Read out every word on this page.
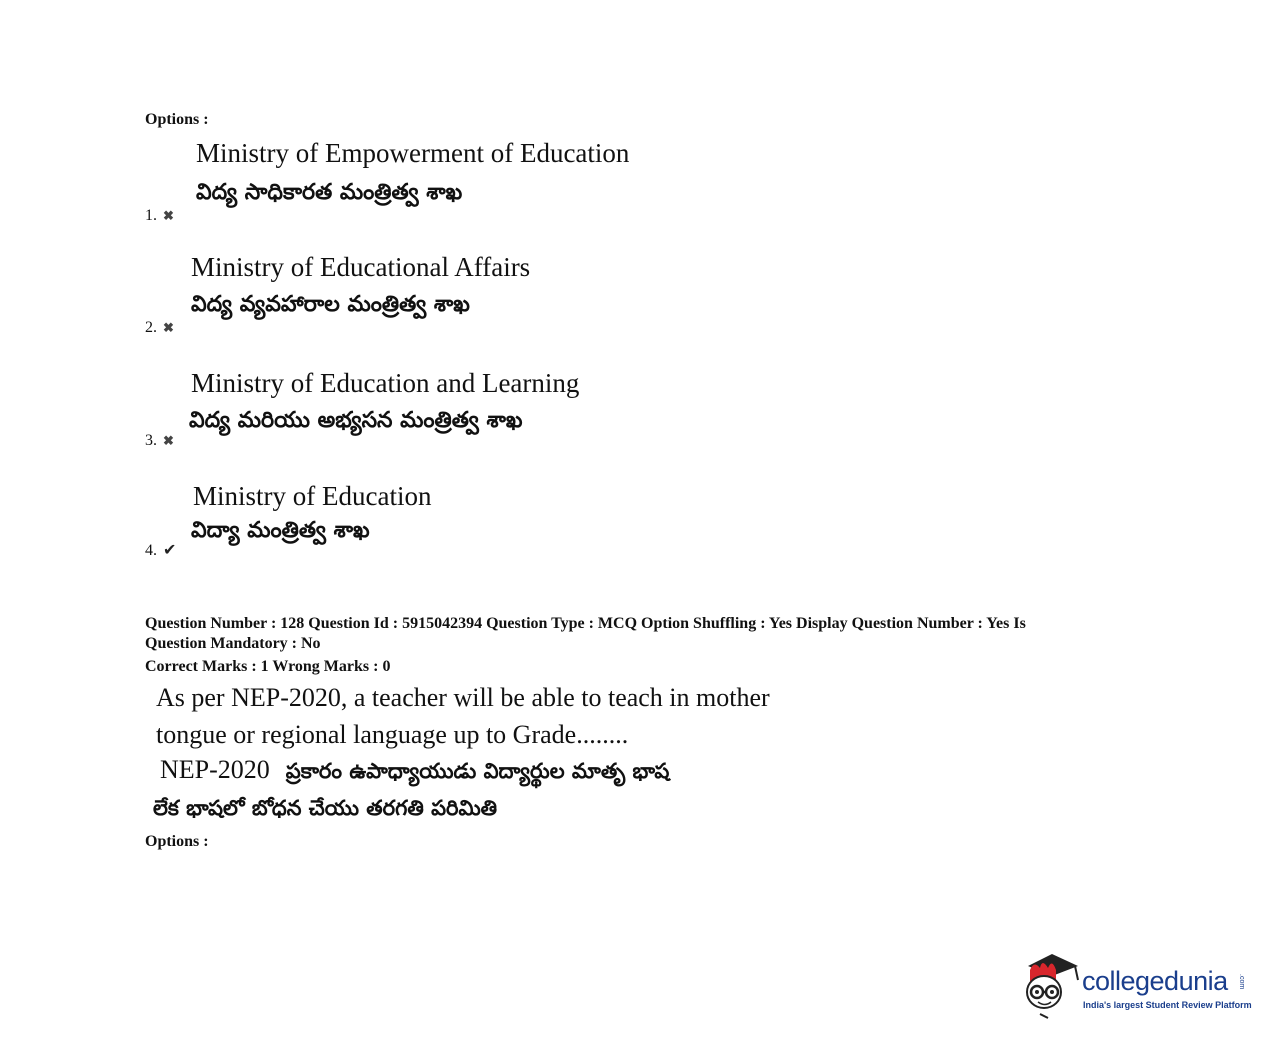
Options :
Ministry of Empowerment of Education
విద్య సాధికారత మంత్రిత్వ శాఖ
1. ✖
Ministry of Educational Affairs
విద్య వ్యవహారాల మంత్రిత్వ శాఖ
2. ✖
Ministry of Education and Learning
విద్య మరియు అభ్యసన మంత్రిత్వ శాఖ
3. ✖
Ministry of Education
విద్యా మంత్రిత్వ శాఖ
4. ✔
Question Number : 128 Question Id : 5915042394 Question Type : MCQ Option Shuffling : Yes Display Question Number : Yes Is
Question Mandatory : No
Correct Marks : 1 Wrong Marks : 0
As per NEP-2020, a teacher will be able to teach in mother
tongue or regional language up to Grade........
NEP-2020 ప్రకారం ఉపాధ్యాయుడు విద్యార్థుల మాతృ భాష
లేక భాషలో బోధన చేయు తరగతి పరిమితి
Options :
collegedunia .com
India's largest Student Review Platform
